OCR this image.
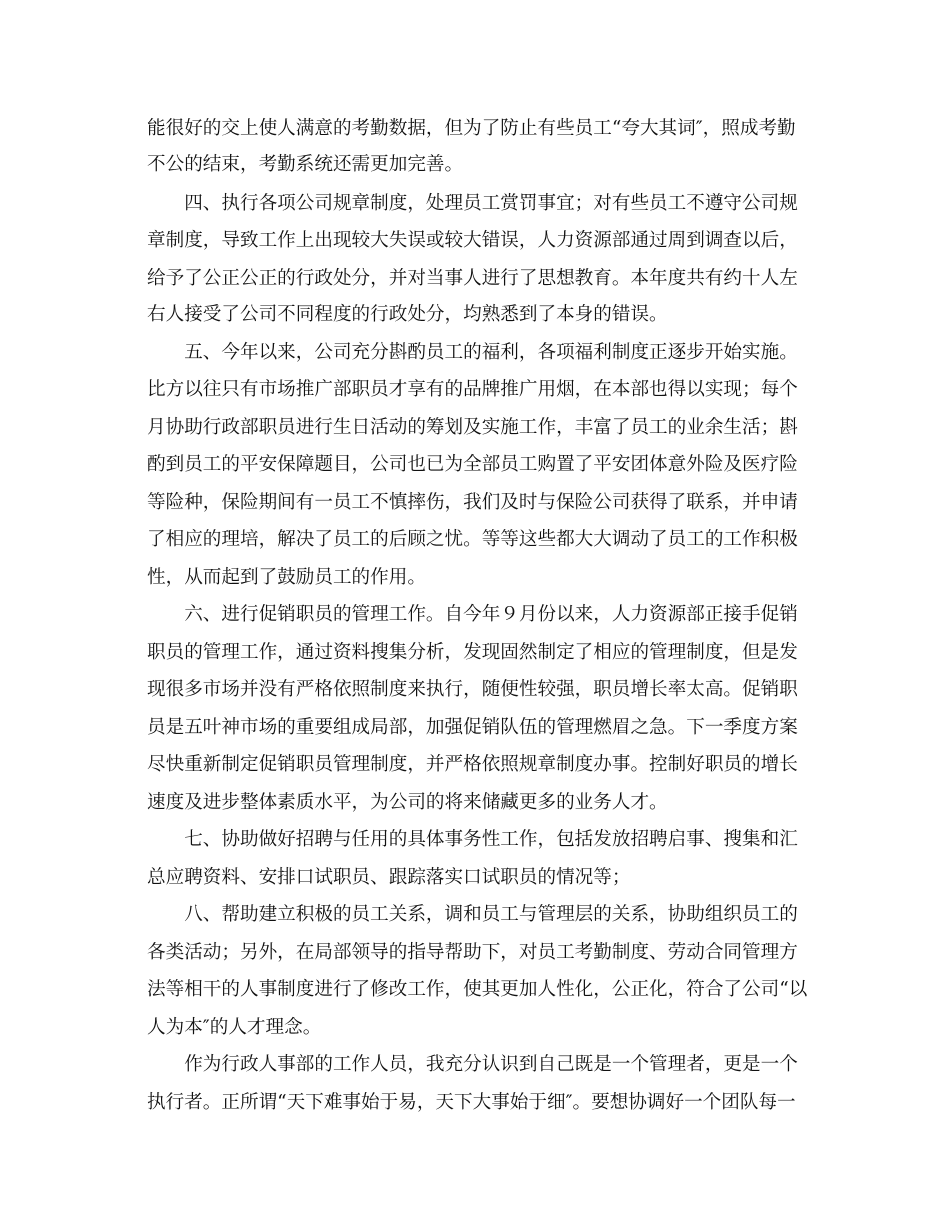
能很好的交上使人满意的考勤数据，但为了防止有些员工“夸大其词″，照成考勤
不公的结束，考勤系统还需更加完善。
　　四、执行各项公司规章制度，处理员工赏罚事宜；对有些员工不遵守公司规
章制度，导致工作上出现较大失误或较大错误，人力资源部通过周到调查以后，
给予了公正公正的行政处分，并对当事人进行了思想教育。本年度共有约十人左
右人接受了公司不同程度的行政处分，均熟悉到了本身的错误。
　　五、今年以来，公司充分斟酌员工的福利，各项福利制度正逐步开始实施。
比方以往只有市场推广部职员才享有的品牌推广用烟，在本部也得以实现；每个
月协助行政部职员进行生日活动的筹划及实施工作，丰富了员工的业余生活；斟
酌到员工的平安保障题目，公司也已为全部员工购置了平安团体意外险及医疗险
等险种，保险期间有一员工不慎摔伤，我们及时与保险公司获得了联系，并申请
了相应的理培，解决了员工的后顾之忧。等等这些都大大调动了员工的工作积极
性，从而起到了鼓励员工的作用。
　　六、进行促销职员的管理工作。自今年９月份以来，人力资源部正接手促销
职员的管理工作，通过资料搜集分析，发现固然制定了相应的管理制度，但是发
现很多市场并没有严格依照制度来执行，随便性较强，职员增长率太高。促销职
员是五叶神市场的重要组成局部，加强促销队伍的管理燃眉之急。下一季度方案
尽快重新制定促销职员管理制度，并严格依照规章制度办事。控制好职员的增长
速度及进步整体素质水平，为公司的将来储藏更多的业务人才。
　　七、协助做好招聘与任用的具体事务性工作，包括发放招聘启事、搜集和汇
总应聘资料、安排口试职员、跟踪落实口试职员的情况等；
　　八、帮助建立积极的员工关系，调和员工与管理层的关系，协助组织员工的
各类活动；另外，在局部领导的指导帮助下，对员工考勤制度、劳动合同管理方
法等相干的人事制度进行了修改工作，使其更加人性化，公正化，符合了公司“以
人为本″的人才理念。
　　作为行政人事部的工作人员，我充分认识到自己既是一个管理者，更是一个
执行者。正所谓“天下难事始于易，天下大事始于细″。要想协调好一个团队每一
